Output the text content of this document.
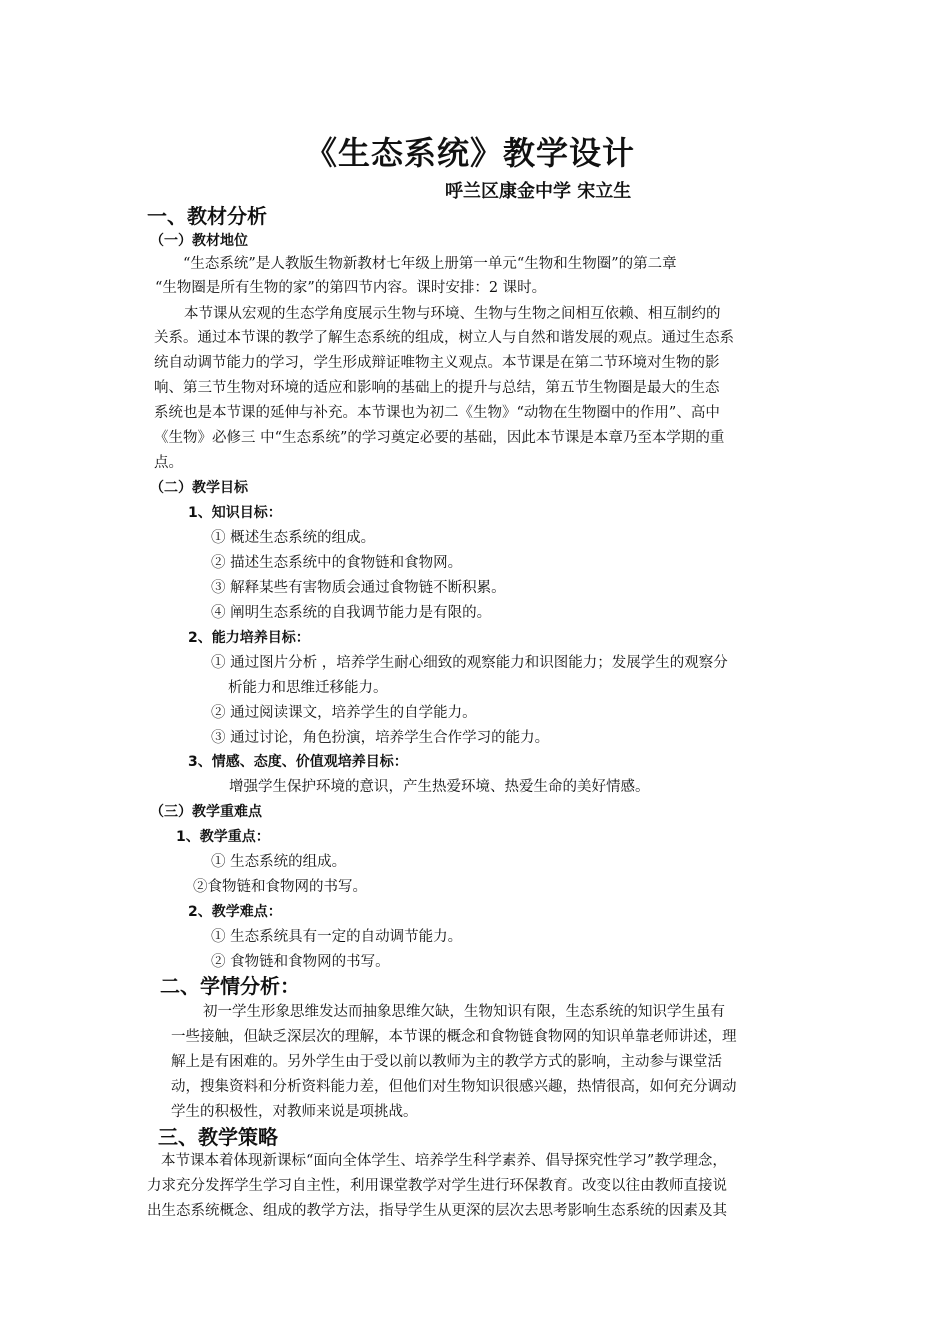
《生态系统》教学设计
呼兰区康金中学 宋立生
一、教材分析
（一）教材地位
“生态系统”是人教版生物新教材七年级上册第一单元“生物和生物圈”的第二章
“生物圈是所有生物的家”的第四节内容。课时安排：2 课时。
本节课从宏观的生态学角度展示生物与环境、生物与生物之间相互依赖、相互制约的
关系。通过本节课的教学了解生态系统的组成，树立人与自然和谐发展的观点。通过生态系
统自动调节能力的学习，学生形成辩证唯物主义观点。本节课是在第二节环境对生物的影
响、第三节生物对环境的适应和影响的基础上的提升与总结，第五节生物圈是最大的生态
系统也是本节课的延伸与补充。本节课也为初二《生物》“动物在生物圈中的作用”、高中
《生物》必修三 中“生态系统”的学习奠定必要的基础，因此本节课是本章乃至本学期的重
点。
（二）教学目标
1、知识目标：
① 概述生态系统的组成。
② 描述生态系统中的食物链和食物网。
③ 解释某些有害物质会通过食物链不断积累。
④ 阐明生态系统的自我调节能力是有限的。
2、能力培养目标：
① 通过图片分析 ，培养学生耐心细致的观察能力和识图能力；发展学生的观察分
析能力和思维迁移能力。
② 通过阅读课文，培养学生的自学能力。
③ 通过讨论，角色扮演，培养学生合作学习的能力。
3、情感、态度、价值观培养目标：
增强学生保护环境的意识，产生热爱环境、热爱生命的美好情感。
（三）教学重难点
1、教学重点：
① 生态系统的组成。
②食物链和食物网的书写。
2、教学难点：
① 生态系统具有一定的自动调节能力。
② 食物链和食物网的书写。
二、学情分析：
初一学生形象思维发达而抽象思维欠缺，生物知识有限，生态系统的知识学生虽有
一些接触，但缺乏深层次的理解，本节课的概念和食物链食物网的知识单靠老师讲述，理
解上是有困难的。另外学生由于受以前以教师为主的教学方式的影响，主动参与课堂活
动，搜集资料和分析资料能力差，但他们对生物知识很感兴趣，热情很高，如何充分调动
学生的积极性，对教师来说是项挑战。
三、教学策略
本节课本着体现新课标“面向全体学生、培养学生科学素养、倡导探究性学习”教学理念，
力求充分发挥学生学习自主性，利用课堂教学对学生进行环保教育。改变以往由教师直接说
出生态系统概念、组成的教学方法，指导学生从更深的层次去思考影响生态系统的因素及其
